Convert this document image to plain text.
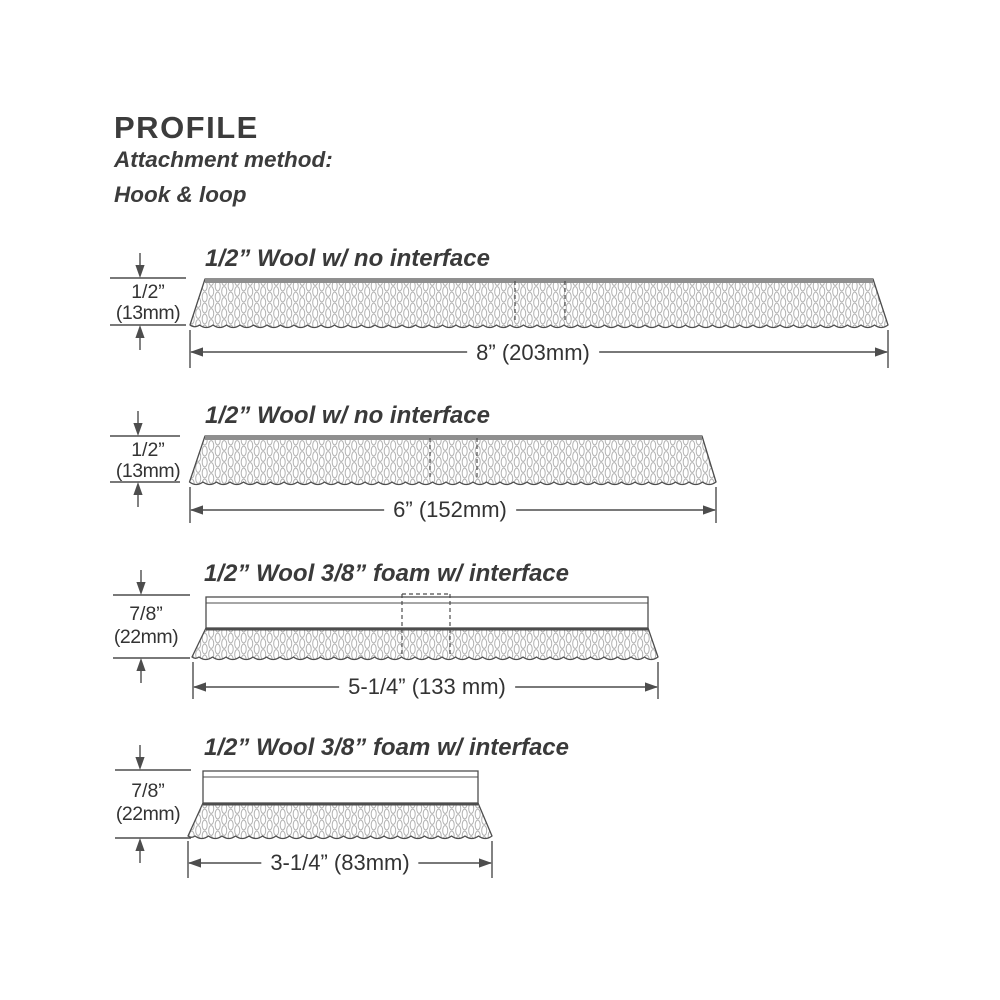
PROFILE
Attachment method:
Hook & loop
1/2” Wool w/ no interface
1/2” Wool w/ no interface
1/2” Wool 3/8” foam w/ interface
1/2” Wool 3/8” foam w/ interface
1/2”
(13mm)
1/2”
(13mm)
7/8”
(22mm)
7/8”
(22mm)
8” (203mm)
6” (152mm)
5-1/4” (133 mm)
3-1/4” (83mm)
